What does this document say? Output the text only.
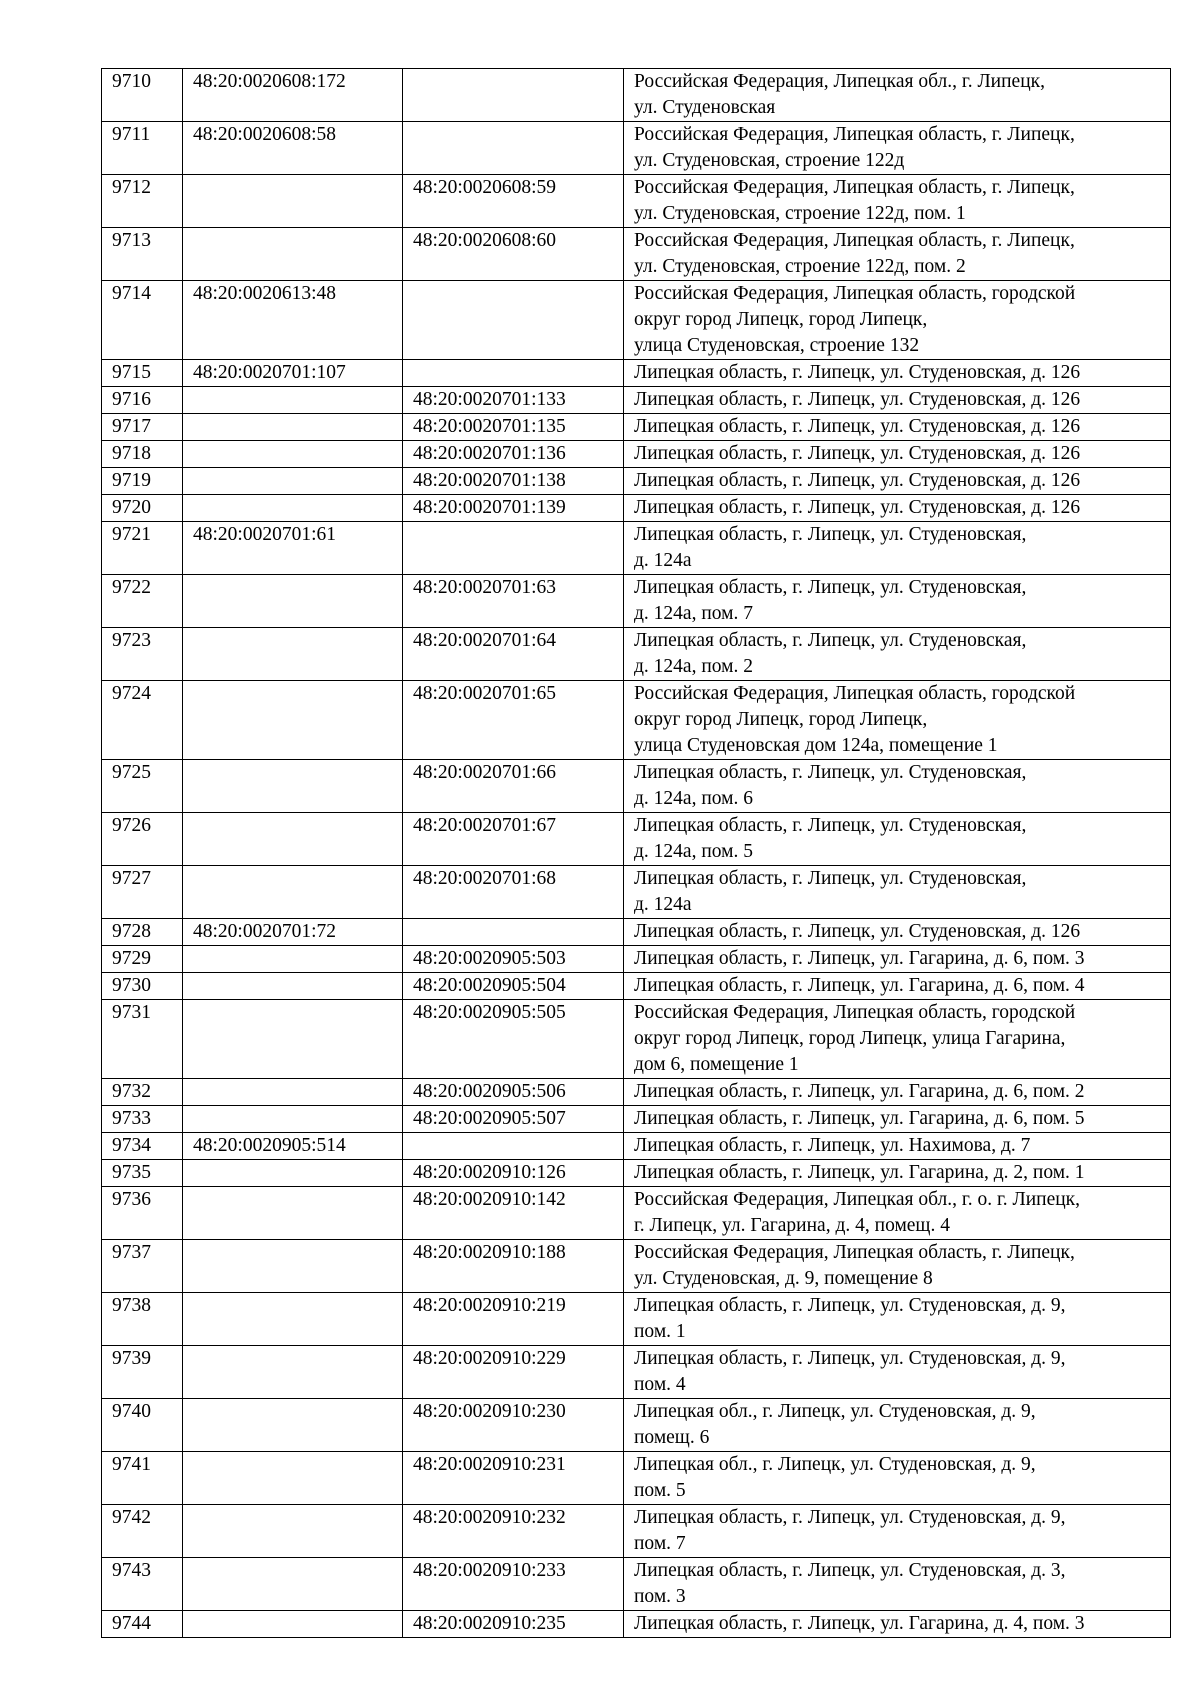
9710	48:20:0020608:172		Российская Федерация, Липецкая обл., г. Липецк,
ул. Студеновская
9711	48:20:0020608:58		Российская Федерация, Липецкая область, г. Липецк,
ул. Студеновская, строение 122д
9712		48:20:0020608:59	Российская Федерация, Липецкая область, г. Липецк,
ул. Студеновская, строение 122д, пом. 1
9713		48:20:0020608:60	Российская Федерация, Липецкая область, г. Липецк,
ул. Студеновская, строение 122д, пом. 2
9714	48:20:0020613:48		Российская Федерация, Липецкая область, городской
округ город Липецк, город Липецк,
улица Студеновская, строение 132
9715	48:20:0020701:107		Липецкая область, г. Липецк, ул. Студеновская, д. 126
9716		48:20:0020701:133	Липецкая область, г. Липецк, ул. Студеновская, д. 126
9717		48:20:0020701:135	Липецкая область, г. Липецк, ул. Студеновская, д. 126
9718		48:20:0020701:136	Липецкая область, г. Липецк, ул. Студеновская, д. 126
9719		48:20:0020701:138	Липецкая область, г. Липецк, ул. Студеновская, д. 126
9720		48:20:0020701:139	Липецкая область, г. Липецк, ул. Студеновская, д. 126
9721	48:20:0020701:61		Липецкая область, г. Липецк, ул. Студеновская,
д. 124а
9722		48:20:0020701:63	Липецкая область, г. Липецк, ул. Студеновская,
д. 124а, пом. 7
9723		48:20:0020701:64	Липецкая область, г. Липецк, ул. Студеновская,
д. 124а, пом. 2
9724		48:20:0020701:65	Российская Федерация, Липецкая область, городской
округ город Липецк, город Липецк,
улица Студеновская дом 124а, помещение 1
9725		48:20:0020701:66	Липецкая область, г. Липецк, ул. Студеновская,
д. 124а, пом. 6
9726		48:20:0020701:67	Липецкая область, г. Липецк, ул. Студеновская,
д. 124а, пом. 5
9727		48:20:0020701:68	Липецкая область, г. Липецк, ул. Студеновская,
д. 124а
9728	48:20:0020701:72		Липецкая область, г. Липецк, ул. Студеновская, д. 126
9729		48:20:0020905:503	Липецкая область, г. Липецк, ул. Гагарина, д. 6, пом. 3
9730		48:20:0020905:504	Липецкая область, г. Липецк, ул. Гагарина, д. 6, пом. 4
9731		48:20:0020905:505	Российская Федерация, Липецкая область, городской
округ город Липецк, город Липецк, улица Гагарина,
дом 6, помещение 1
9732		48:20:0020905:506	Липецкая область, г. Липецк, ул. Гагарина, д. 6, пом. 2
9733		48:20:0020905:507	Липецкая область, г. Липецк, ул. Гагарина, д. 6, пом. 5
9734	48:20:0020905:514		Липецкая область, г. Липецк, ул. Нахимова, д. 7
9735		48:20:0020910:126	Липецкая область, г. Липецк, ул. Гагарина, д. 2, пом. 1
9736		48:20:0020910:142	Российская Федерация, Липецкая обл., г. о. г. Липецк,
г. Липецк, ул. Гагарина, д. 4, помещ. 4
9737		48:20:0020910:188	Российская Федерация, Липецкая область, г. Липецк,
ул. Студеновская, д. 9, помещение 8
9738		48:20:0020910:219	Липецкая область, г. Липецк, ул. Студеновская, д. 9,
пом. 1
9739		48:20:0020910:229	Липецкая область, г. Липецк, ул. Студеновская, д. 9,
пом. 4
9740		48:20:0020910:230	Липецкая обл., г. Липецк, ул. Студеновская, д. 9,
помещ. 6
9741		48:20:0020910:231	Липецкая обл., г. Липецк, ул. Студеновская, д. 9,
пом. 5
9742		48:20:0020910:232	Липецкая область, г. Липецк, ул. Студеновская, д. 9,
пом. 7
9743		48:20:0020910:233	Липецкая область, г. Липецк, ул. Студеновская, д. 3,
пом. 3
9744		48:20:0020910:235	Липецкая область, г. Липецк, ул. Гагарина, д. 4, пом. 3
